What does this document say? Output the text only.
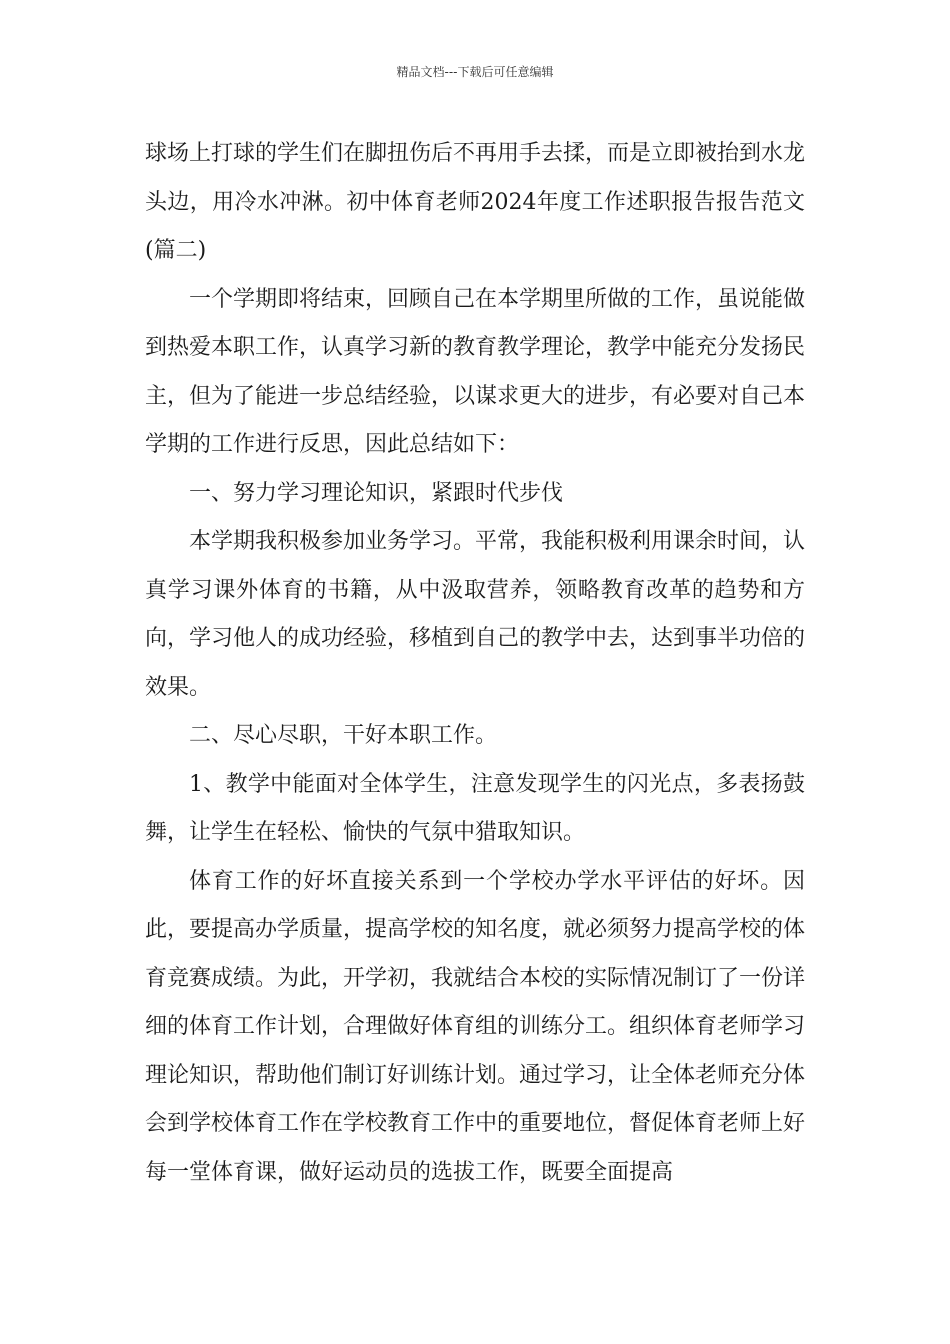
精品文档---下载后可任意编辑

球场上打球的学生们在脚扭伤后不再用手去揉，而是立即被抬到水龙头边，用冷水冲淋。初中体育老师2024年度工作述职报告报告范文(篇二)

一个学期即将结束，回顾自己在本学期里所做的工作，虽说能做到热爱本职工作，认真学习新的教育教学理论，教学中能充分发扬民主，但为了能进一步总结经验，以谋求更大的进步，有必要对自己本学期的工作进行反思，因此总结如下：

一、努力学习理论知识，紧跟时代步伐

本学期我积极参加业务学习。平常，我能积极利用课余时间，认真学习课外体育的书籍，从中汲取营养，领略教育改革的趋势和方向，学习他人的成功经验，移植到自己的教学中去，达到事半功倍的效果。

二、尽心尽职，干好本职工作。

1、教学中能面对全体学生，注意发现学生的闪光点，多表扬鼓舞，让学生在轻松、愉快的气氛中猎取知识。

体育工作的好坏直接关系到一个学校办学水平评估的好坏。因此，要提高办学质量，提高学校的知名度，就必须努力提高学校的体育竞赛成绩。为此，开学初，我就结合本校的实际情况制订了一份详细的体育工作计划，合理做好体育组的训练分工。组织体育老师学习理论知识，帮助他们制订好训练计划。通过学习，让全体老师充分体会到学校体育工作在学校教育工作中的重要地位，督促体育老师上好每一堂体育课，做好运动员的选拔工作，既要全面提高
